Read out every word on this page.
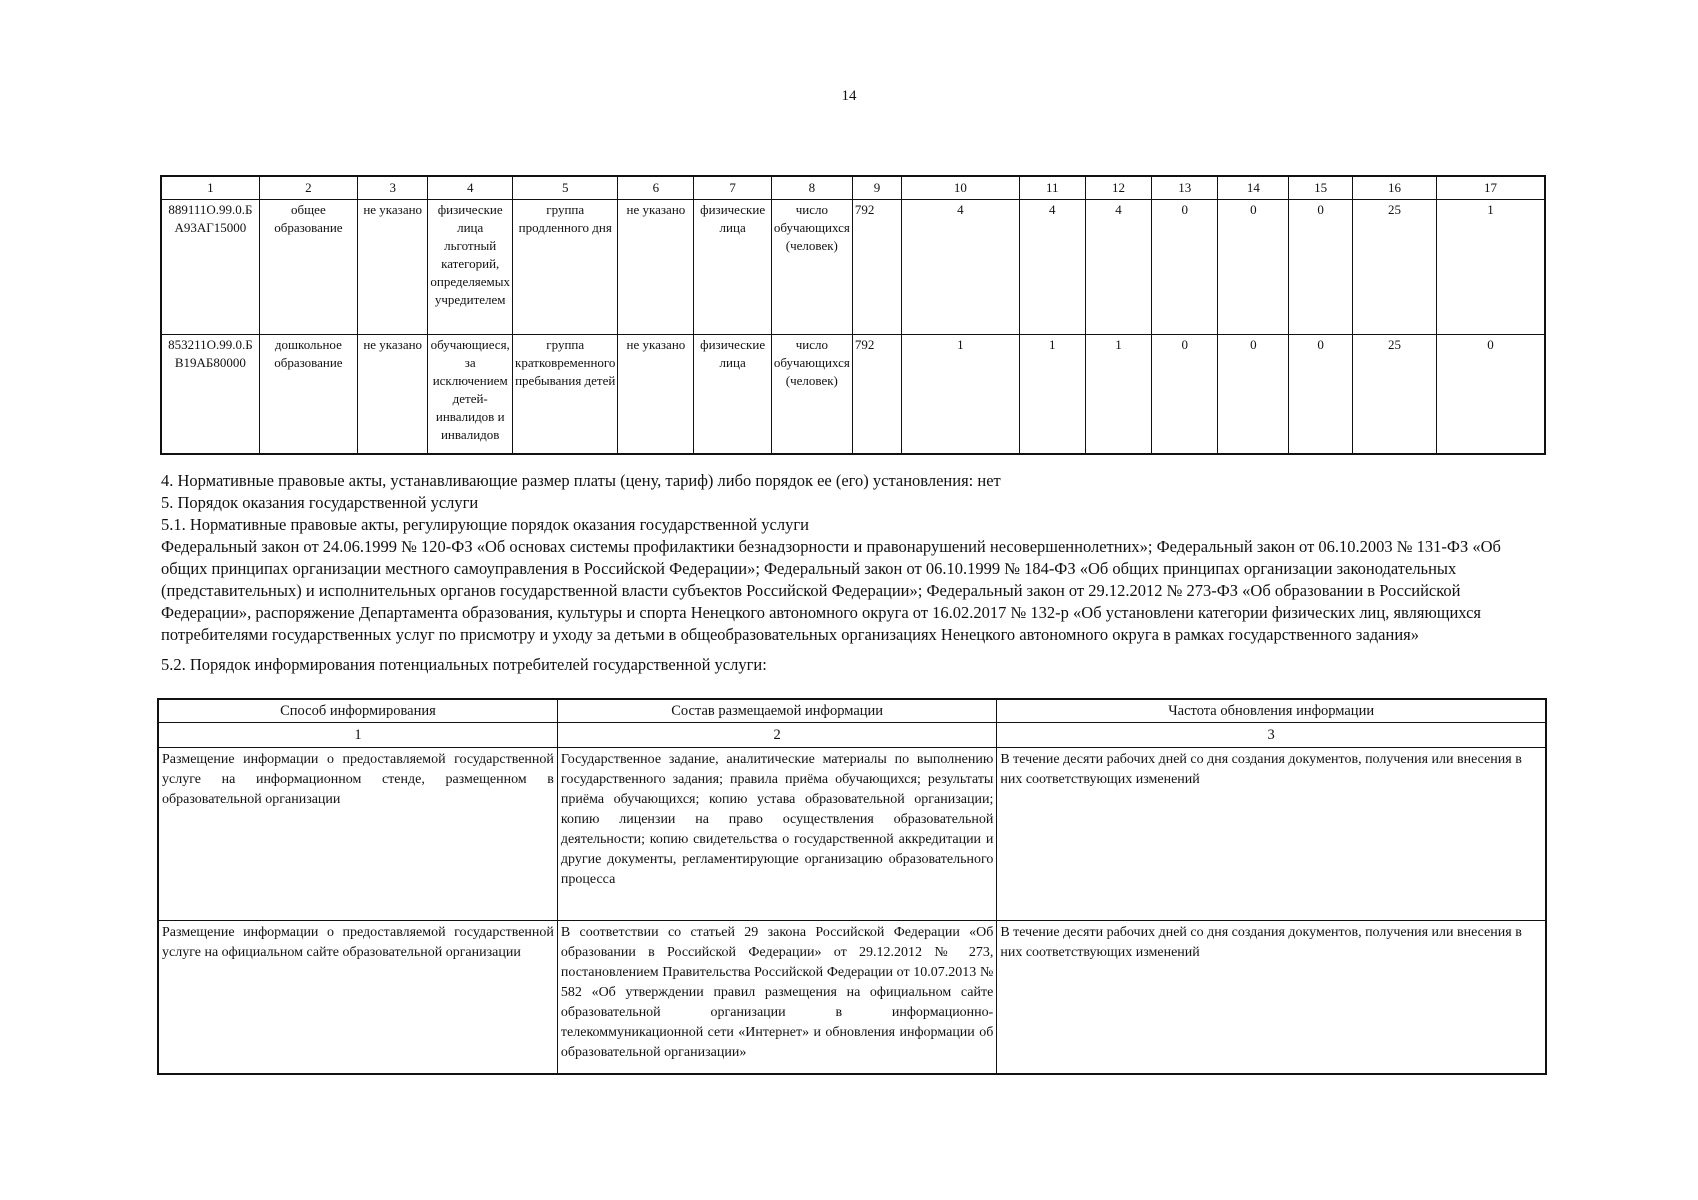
14
1	2	3	4	5	6	7	8	9	10	11	12	13	14	15	16	17
889111О.99.0.БА93АГ15000	общее образование	не указано	физические лица льготный категорий, определяемых учредителем	группа продленного дня	не указано	физические лица	число обучающихся (человек)	792	4	4	4	0	0	0	25	1
853211О.99.0.БВ19АБ80000	дошкольное образование	не указано	обучающиеся, за исключением детей-инвалидов и инвалидов	группа кратковременного пребывания детей	не указано	физические лица	число обучающихся (человек)	792	1	1	1	0	0	0	25	0

4. Нормативные правовые акты, устанавливающие размер платы (цену, тариф) либо порядок ее (его) установления: нет

5. Порядок оказания государственной услуги

5.1. Нормативные правовые акты, регулирующие порядок оказания государственной услуги

Федеральный закон от 24.06.1999 № 120-ФЗ «Об основах системы профилактики безнадзорности и правонарушений несовершеннолетних»; Федеральный закон от 06.10.2003 № 131-ФЗ «Об общих принципах организации местного самоуправления в Российской Федерации»; Федеральный закон от 06.10.1999 № 184-ФЗ «Об общих принципах организации законодательных (представительных) и исполнительных органов государственной власти субъектов Российской Федерации»; Федеральный закон от 29.12.2012 № 273-ФЗ «Об образовании в Российской Федерации», распоряжение Департамента образования, культуры и спорта Ненецкого автономного округа от 16.02.2017 № 132-р «Об установлени категории физических лиц, являющихся потребителями государственных услуг по присмотру и уходу за детьми в общеобразовательных организациях Ненецкого автономного округа в рамках государственного задания»

5.2. Порядок информирования потенциальных потребителей государственной услуги:

Способ информирования	Состав размещаемой информации	Частота обновления информации
1	2	3
Размещение информации о предоставляемой государственной услуге на информационном стенде, размещенном в образовательной организации	Государственное задание, аналитические материалы по выполнению государственного задания; правила приёма обучающихся; результаты приёма обучающихся; копию устава образовательной организации; копию лицензии на право осуществления образовательной деятельности; копию свидетельства о государственной аккредитации и другие документы, регламентирующие организацию образовательного процесса	В течение десяти рабочих дней со дня создания документов, получения или внесения в них соответствующих изменений
Размещение информации о предоставляемой государственной услуге на официальном сайте образовательной организации	В соответствии со статьей 29 закона Российской Федерации «Об образовании в Российской Федерации» от 29.12.2012 № 273, постановлением Правительства Российской Федерации от 10.07.2013 № 582 «Об утверждении правил размещения на официальном сайте образовательной организации в информационно-телекоммуникационной сети «Интернет» и обновления информации об образовательной организации»	В течение десяти рабочих дней со дня создания документов, получения или внесения в них соответствующих изменений
